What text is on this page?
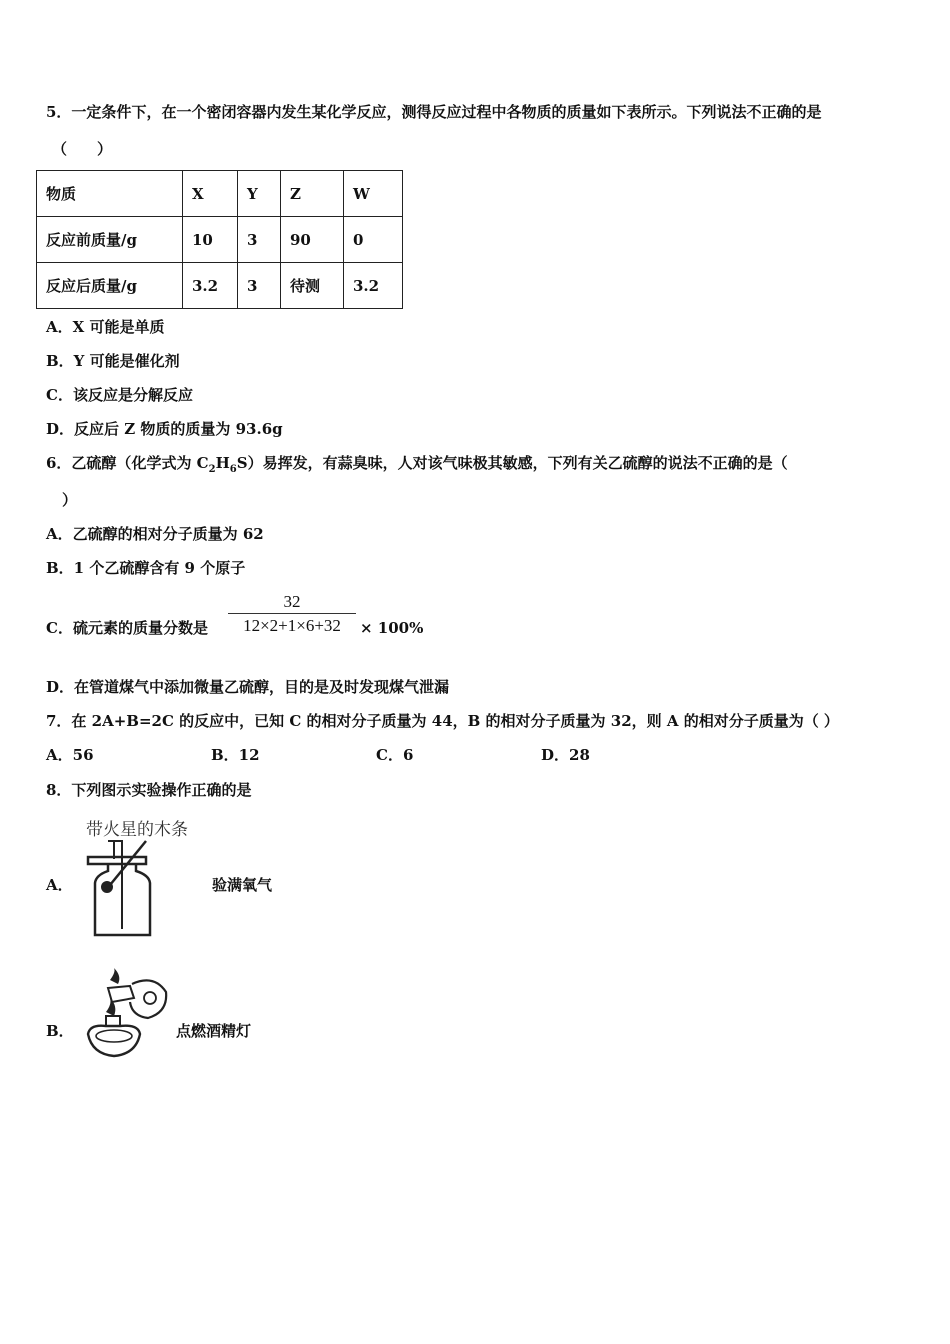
5．一定条件下，在一个密闭容器内发生某化学反应，测得反应过程中各物质的质量如下表所示。下列说法不正确的是
（　　）
物质	X	Y	Z	W
反应前质量/g	10	3	90	0
反应后质量/g	3.2	3	待测	3.2
A．X 可能是单质
B．Y 可能是催化剂
C．该反应是分解反应
D．反应后 Z 物质的质量为 93.6g
6．乙硫醇（化学式为 $C_2H_6S$）易挥发，有蒜臭味，人对该气味极其敏感，下列有关乙硫醇的说法不正确的是（
）
A．乙硫醇的相对分子质量为 62
B．1 个乙硫醇含有 9 个原子
C．硫元素的质量分数是
32
12×2+1×6+32	× 100%
D．在管道煤气中添加微量乙硫醇，目的是及时发现煤气泄漏
7．在 2A+B=2C 的反应中，已知 C 的相对分子质量为 44，B 的相对分子质量为 32，则 A 的相对分子质量为（ ）
A．56	B．12	C．6	D．28
8．下列图示实验操作正确的是
带火星的木条
A．	验满氧气
B．	点燃酒精灯
